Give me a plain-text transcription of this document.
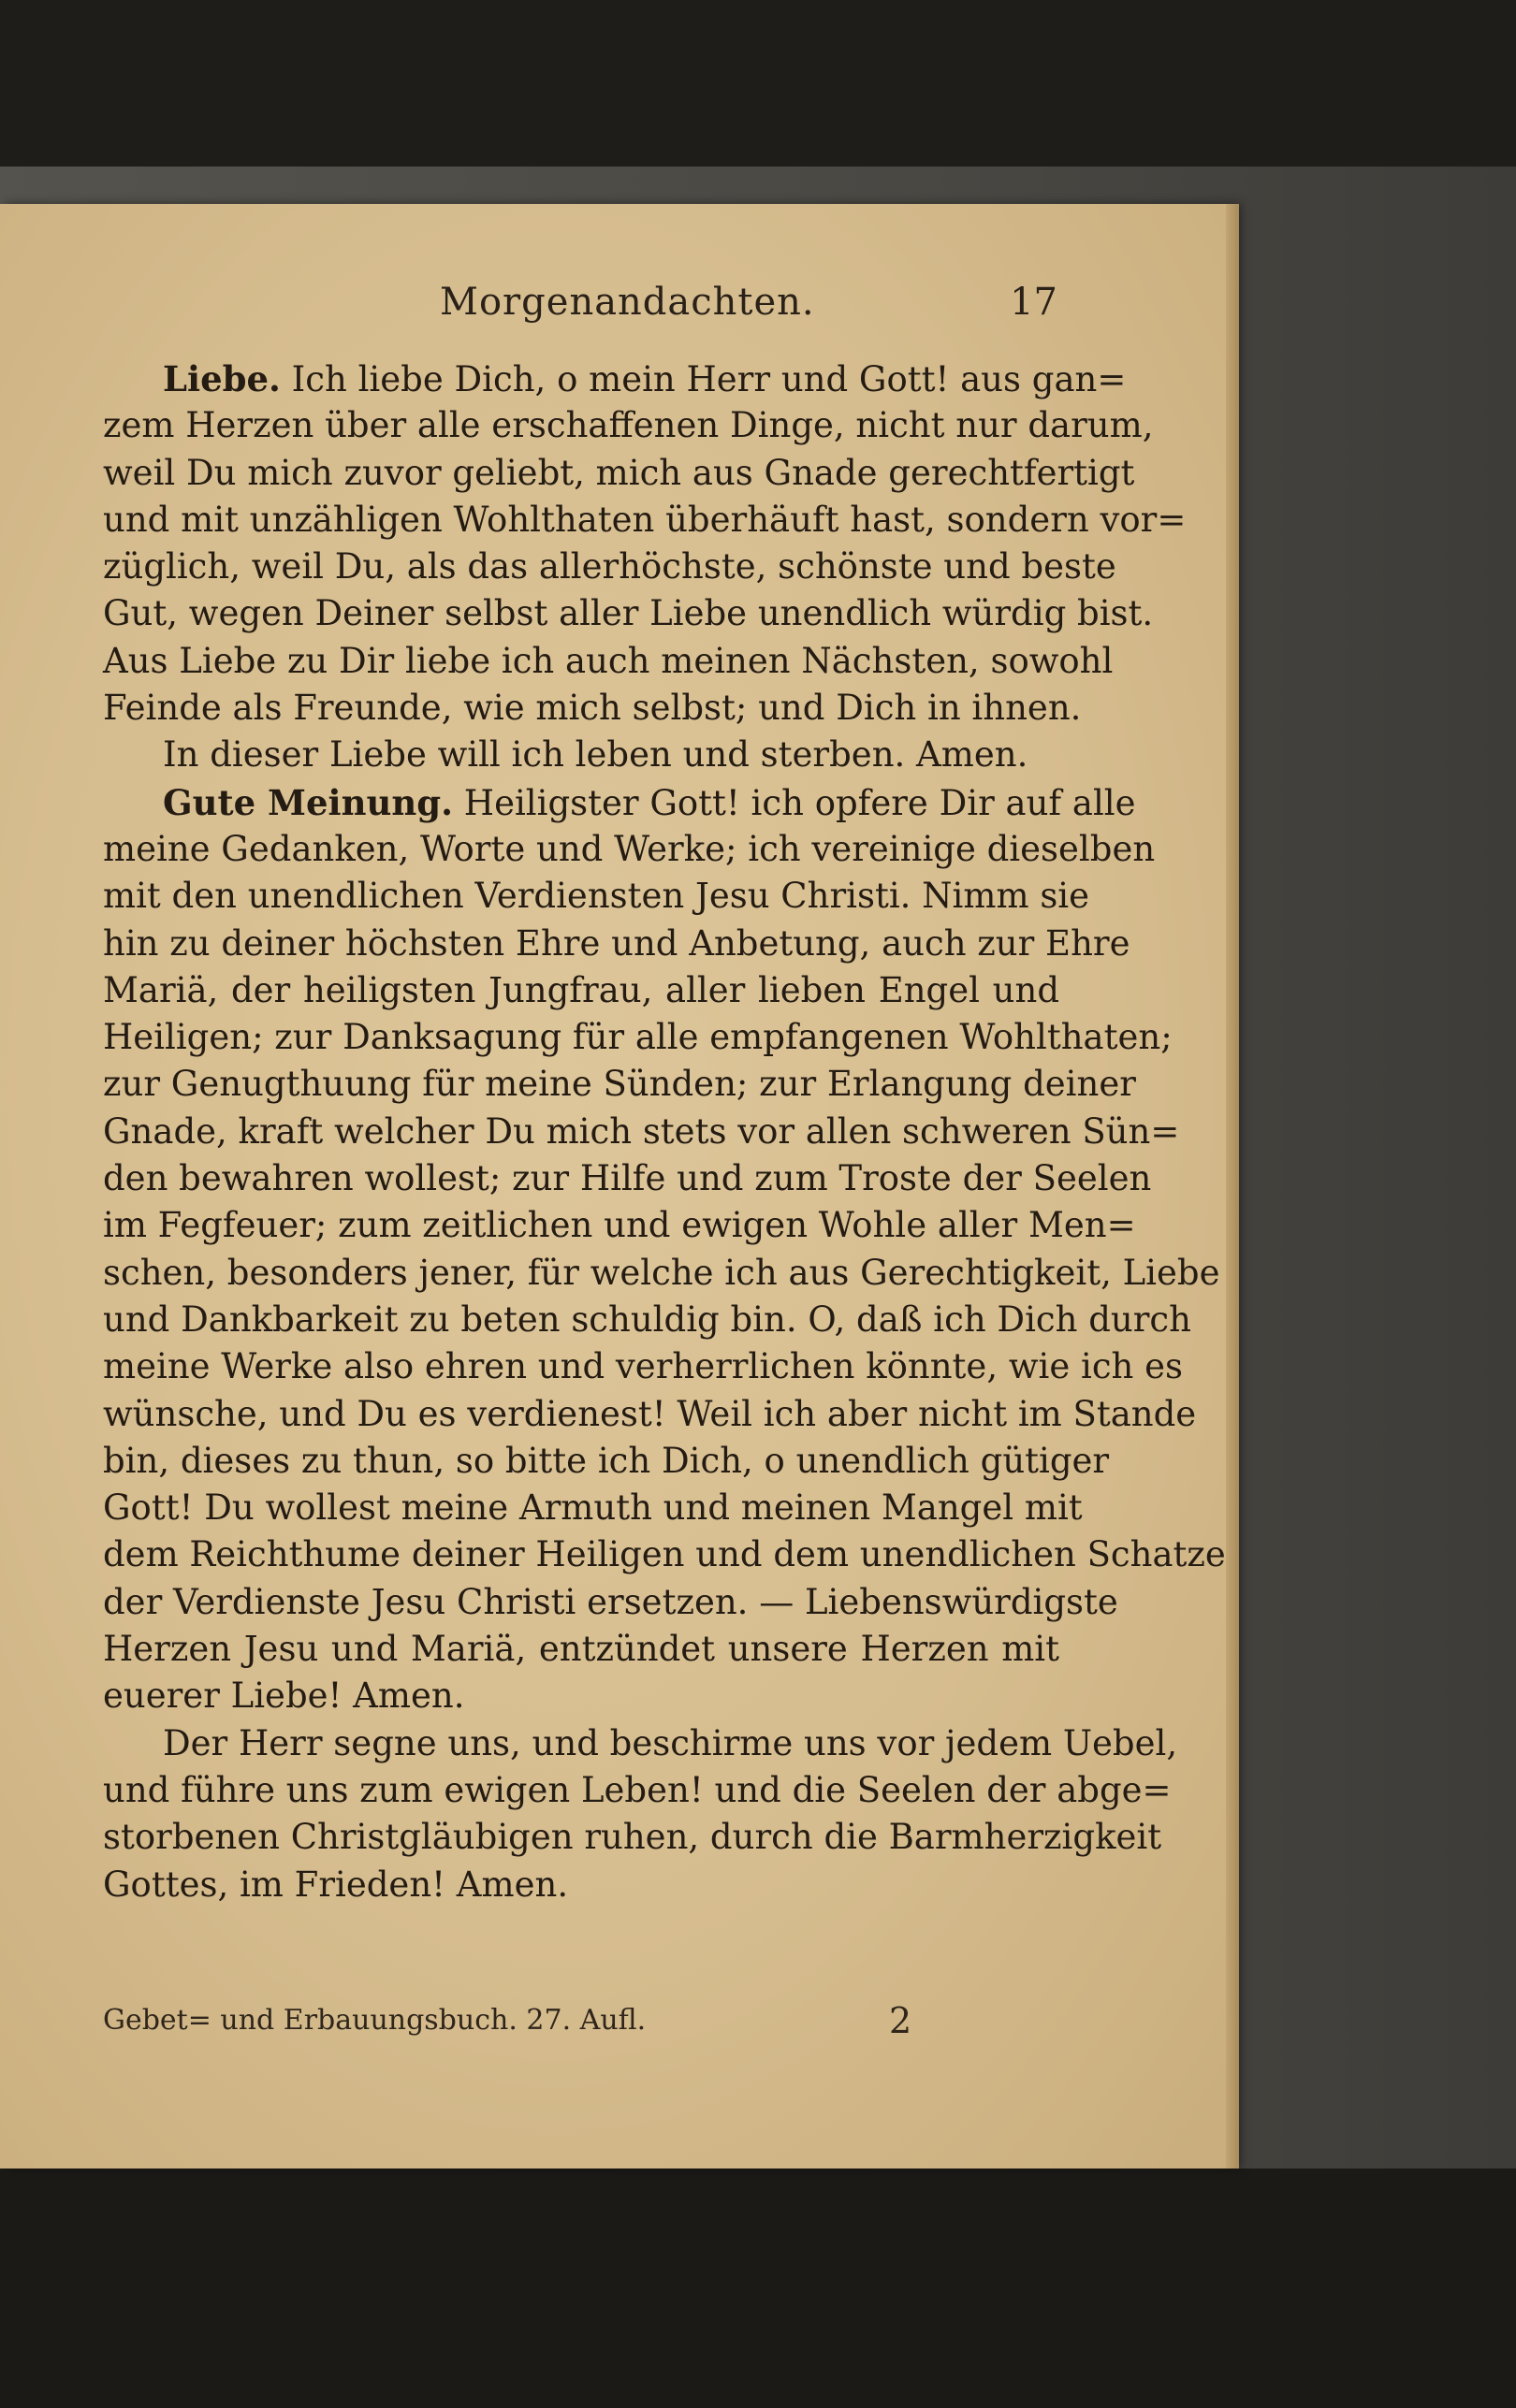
Morgenandachten.	17
Liebe. Ich liebe Dich, o mein Herr und Gott! aus gan=
zem Herzen über alle erschaffenen Dinge, nicht nur darum,
weil Du mich zuvor geliebt, mich aus Gnade gerechtfertigt
und mit unzähligen Wohlthaten überhäuft hast, sondern vor=
züglich, weil Du, als das allerhöchste, schönste und beste
Gut, wegen Deiner selbst aller Liebe unendlich würdig bist.
Aus Liebe zu Dir liebe ich auch meinen Nächsten, sowohl
Feinde als Freunde, wie mich selbst; und Dich in ihnen.
In dieser Liebe will ich leben und sterben. Amen.
Gute Meinung. Heiligster Gott! ich opfere Dir auf alle
meine Gedanken, Worte und Werke; ich vereinige dieselben
mit den unendlichen Verdiensten Jesu Christi. Nimm sie
hin zu deiner höchsten Ehre und Anbetung, auch zur Ehre
Mariä, der heiligsten Jungfrau, aller lieben Engel und
Heiligen; zur Danksagung für alle empfangenen Wohlthaten;
zur Genugthuung für meine Sünden; zur Erlangung deiner
Gnade, kraft welcher Du mich stets vor allen schweren Sün=
den bewahren wollest; zur Hilfe und zum Troste der Seelen
im Fegfeuer; zum zeitlichen und ewigen Wohle aller Men=
schen, besonders jener, für welche ich aus Gerechtigkeit, Liebe
und Dankbarkeit zu beten schuldig bin. O, daß ich Dich durch
meine Werke also ehren und verherrlichen könnte, wie ich es
wünsche, und Du es verdienest! Weil ich aber nicht im Stande
bin, dieses zu thun, so bitte ich Dich, o unendlich gütiger
Gott! Du wollest meine Armuth und meinen Mangel mit
dem Reichthume deiner Heiligen und dem unendlichen Schatze
der Verdienste Jesu Christi ersetzen. — Liebenswürdigste
Herzen Jesu und Mariä, entzündet unsere Herzen mit
euerer Liebe! Amen.
Der Herr segne uns, und beschirme uns vor jedem Uebel,
und führe uns zum ewigen Leben! und die Seelen der abge=
storbenen Christgläubigen ruhen, durch die Barmherzigkeit
Gottes, im Frieden! Amen.
Gebet= und Erbauungsbuch. 27. Aufl.	2
